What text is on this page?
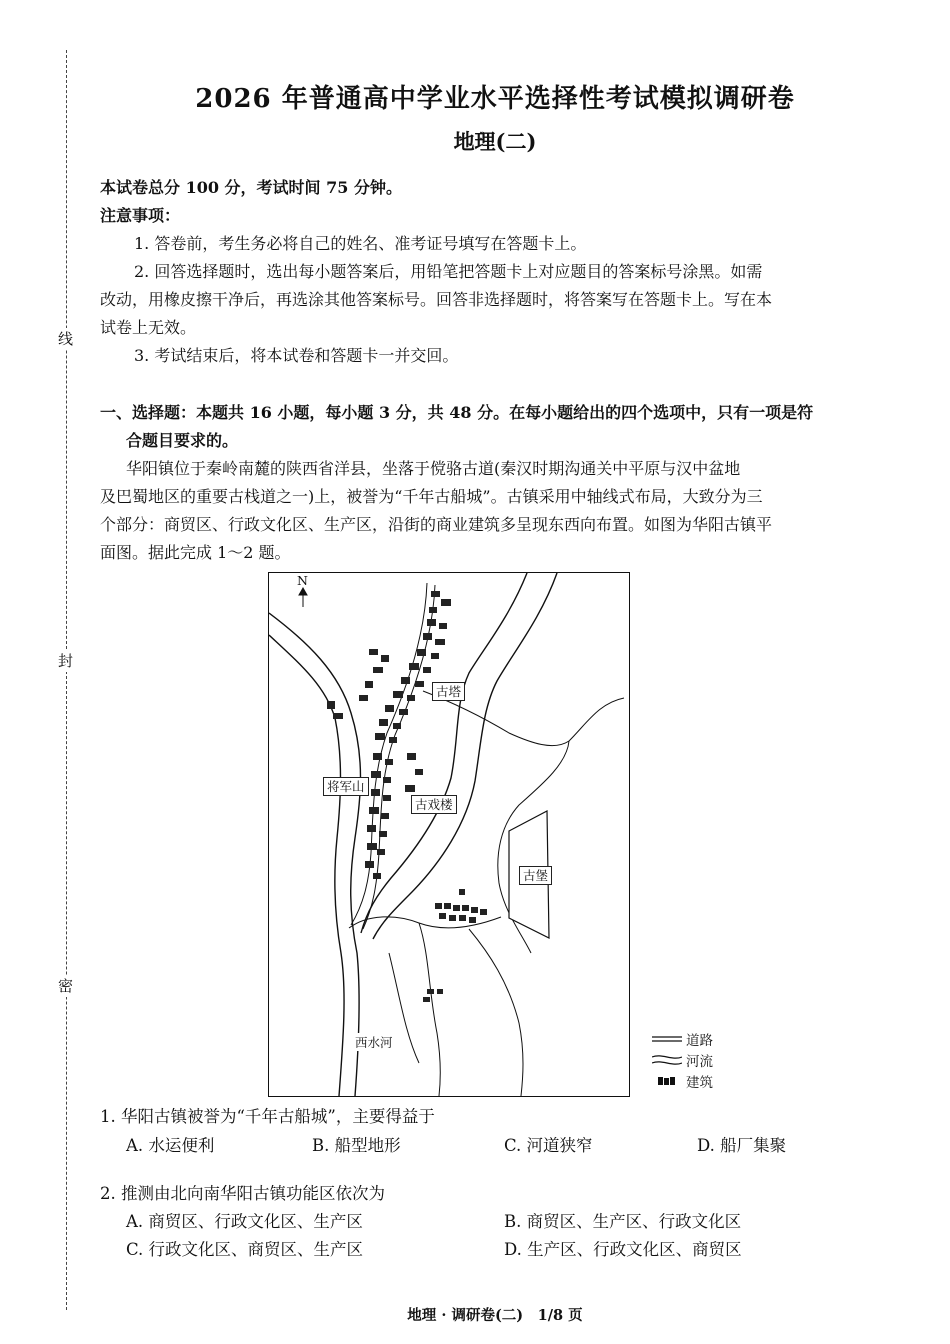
线
封
密
2026 年普通高中学业水平选择性考试模拟调研卷
地理(二)
本试卷总分 100 分，考试时间 75 分钟。
注意事项：
1. 答卷前，考生务必将自己的姓名、准考证号填写在答题卡上。
2. 回答选择题时，选出每小题答案后，用铅笔把答题卡上对应题目的答案标号涂黑。如需
改动，用橡皮擦干净后，再选涂其他答案标号。回答非选择题时，将答案写在答题卡上。写在本
试卷上无效。
3. 考试结束后，将本试卷和答题卡一并交回。
一、选择题：本题共 16 小题，每小题 3 分，共 48 分。在每小题给出的四个选项中，只有一项是符
合题目要求的。
华阳镇位于秦岭南麓的陕西省洋县，坐落于傥骆古道(秦汉时期沟通关中平原与汉中盆地
及巴蜀地区的重要古栈道之一)上，被誉为“千年古船城”。古镇采用中轴线式布局，大致分为三
个部分：商贸区、行政文化区、生产区，沿街的商业建筑多呈现东西向布置。如图为华阳古镇平
面图。据此完成 1～2 题。
N
古塔
将军山
古戏楼
古堡
西水河	道路
河流
建筑
1. 华阳古镇被誉为“千年古船城”，主要得益于
A. 水运便利	B. 船型地形	C. 河道狭窄	D. 船厂集聚
2. 推测由北向南华阳古镇功能区依次为
A. 商贸区、行政文化区、生产区	B. 商贸区、生产区、行政文化区
C. 行政文化区、商贸区、生产区	D. 生产区、行政文化区、商贸区
地理 · 调研卷(二)　1/8 页
